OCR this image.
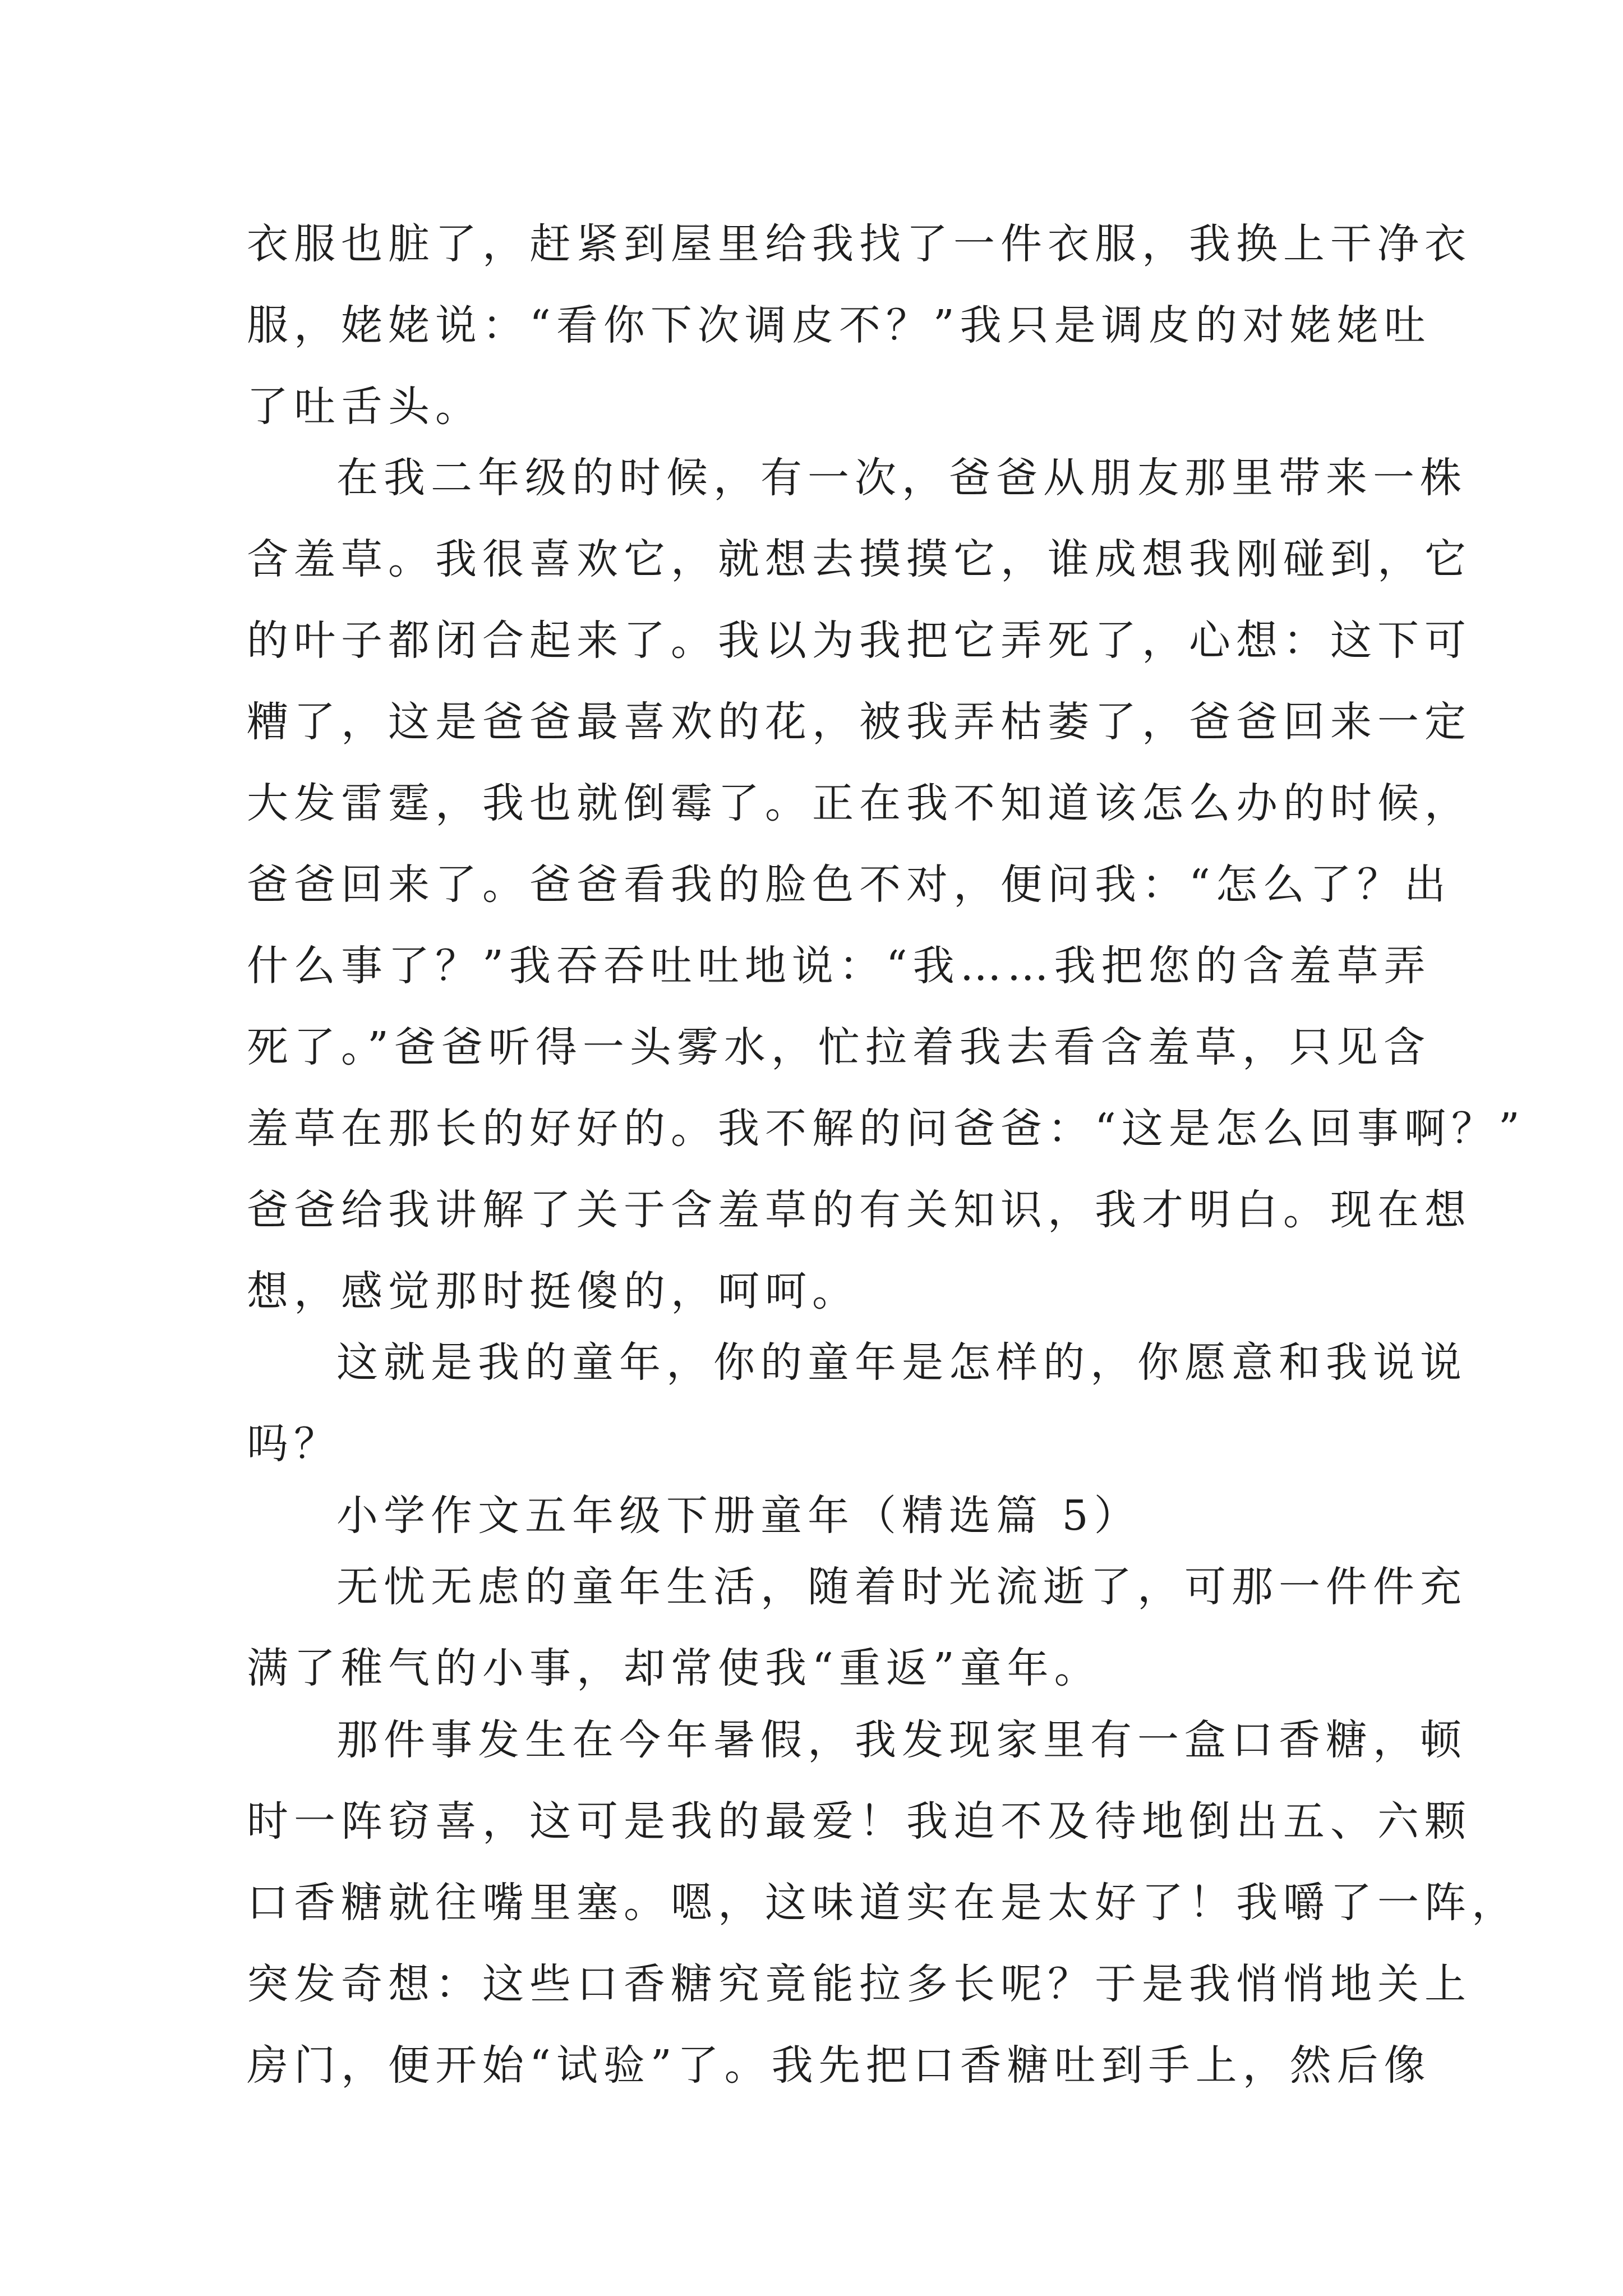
衣服也脏了，赶紧到屋里给我找了一件衣服，我换上干净衣
服，姥姥说：“看你下次调皮不？”我只是调皮的对姥姥吐
了吐舌头。
在我二年级的时候，有一次，爸爸从朋友那里带来一株
含羞草。我很喜欢它，就想去摸摸它，谁成想我刚碰到，它
的叶子都闭合起来了。我以为我把它弄死了，心想：这下可
糟了，这是爸爸最喜欢的花，被我弄枯萎了，爸爸回来一定
大发雷霆，我也就倒霉了。正在我不知道该怎么办的时候，
爸爸回来了。爸爸看我的脸色不对，便问我：“怎么了？出
什么事了？”我吞吞吐吐地说：“我……我把您的含羞草弄
死了。”爸爸听得一头雾水，忙拉着我去看含羞草，只见含
羞草在那长的好好的。我不解的问爸爸：“这是怎么回事啊？”
爸爸给我讲解了关于含羞草的有关知识，我才明白。现在想
想，感觉那时挺傻的，呵呵。
这就是我的童年，你的童年是怎样的，你愿意和我说说
吗？
小学作文五年级下册童年（精选篇 5）
无忧无虑的童年生活，随着时光流逝了，可那一件件充
满了稚气的小事，却常使我“重返”童年。
那件事发生在今年暑假，我发现家里有一盒口香糖，顿
时一阵窃喜，这可是我的最爱！我迫不及待地倒出五、六颗
口香糖就往嘴里塞。嗯，这味道实在是太好了！我嚼了一阵，
突发奇想：这些口香糖究竟能拉多长呢？于是我悄悄地关上
房门，便开始“试验”了。我先把口香糖吐到手上，然后像
